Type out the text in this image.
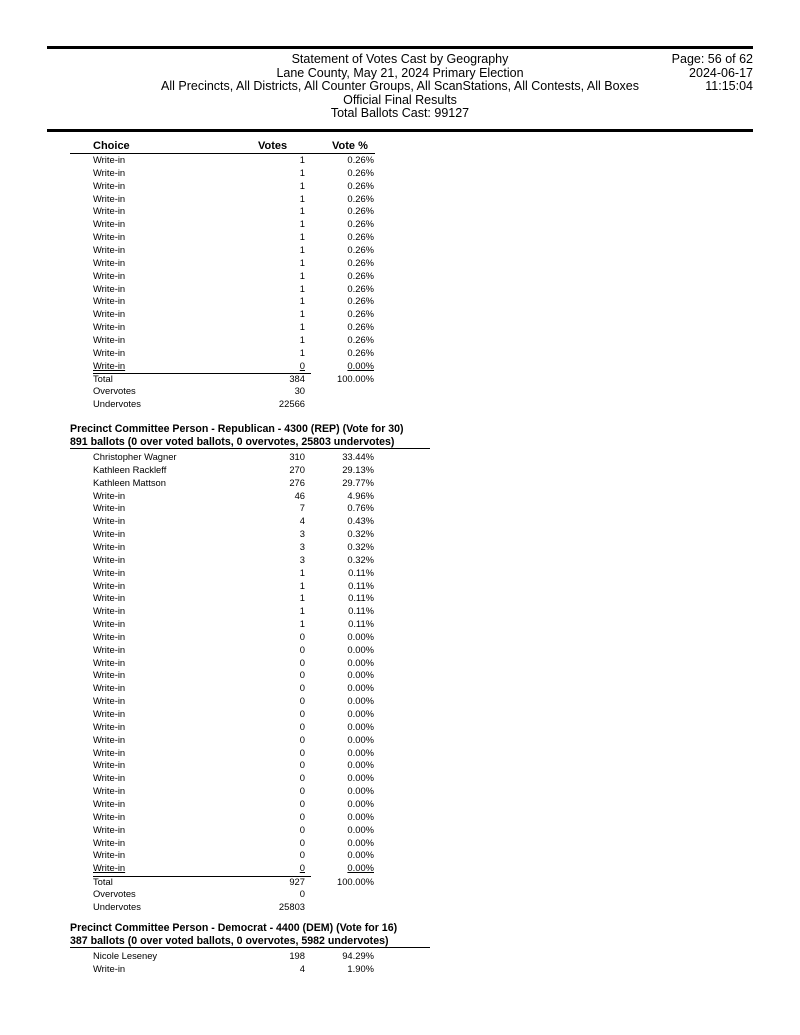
Statement of Votes Cast by Geography
Lane County, May 21, 2024 Primary Election
All Precincts, All Districts, All Counter Groups, All ScanStations, All Contests, All Boxes
Official Final Results
Total Ballots Cast: 99127
Page: 56 of 62
2024-06-17
11:15:04
Choice	Votes	Vote %
Write-in	1	0.26%
Write-in	1	0.26%
Write-in	1	0.26%
Write-in	1	0.26%
Write-in	1	0.26%
Write-in	1	0.26%
Write-in	1	0.26%
Write-in	1	0.26%
Write-in	1	0.26%
Write-in	1	0.26%
Write-in	1	0.26%
Write-in	1	0.26%
Write-in	1	0.26%
Write-in	1	0.26%
Write-in	1	0.26%
Write-in	1	0.26%
Write-in	0	0.00%
Total	384	100.00%
Overvotes	30
Undervotes	22566
Precinct Committee Person - Republican - 4300 (REP) (Vote for 30)
891 ballots (0 over voted ballots, 0 overvotes, 25803 undervotes)
Christopher Wagner	310	33.44%
Kathleen Rackleff	270	29.13%
Kathleen Mattson	276	29.77%
Write-in	46	4.96%
Write-in	7	0.76%
Write-in	4	0.43%
Write-in	3	0.32%
Write-in	3	0.32%
Write-in	3	0.32%
Write-in	1	0.11%
Write-in	1	0.11%
Write-in	1	0.11%
Write-in	1	0.11%
Write-in	1	0.11%
Write-in	0	0.00%
Write-in	0	0.00%
Write-in	0	0.00%
Write-in	0	0.00%
Write-in	0	0.00%
Write-in	0	0.00%
Write-in	0	0.00%
Write-in	0	0.00%
Write-in	0	0.00%
Write-in	0	0.00%
Write-in	0	0.00%
Write-in	0	0.00%
Write-in	0	0.00%
Write-in	0	0.00%
Write-in	0	0.00%
Write-in	0	0.00%
Write-in	0	0.00%
Write-in	0	0.00%
Write-in	0	0.00%
Total	927	100.00%
Overvotes	0
Undervotes	25803
Precinct Committee Person - Democrat - 4400 (DEM) (Vote for 16)
387 ballots (0 over voted ballots, 0 overvotes, 5982 undervotes)
Nicole Leseney	198	94.29%
Write-in	4	1.90%
